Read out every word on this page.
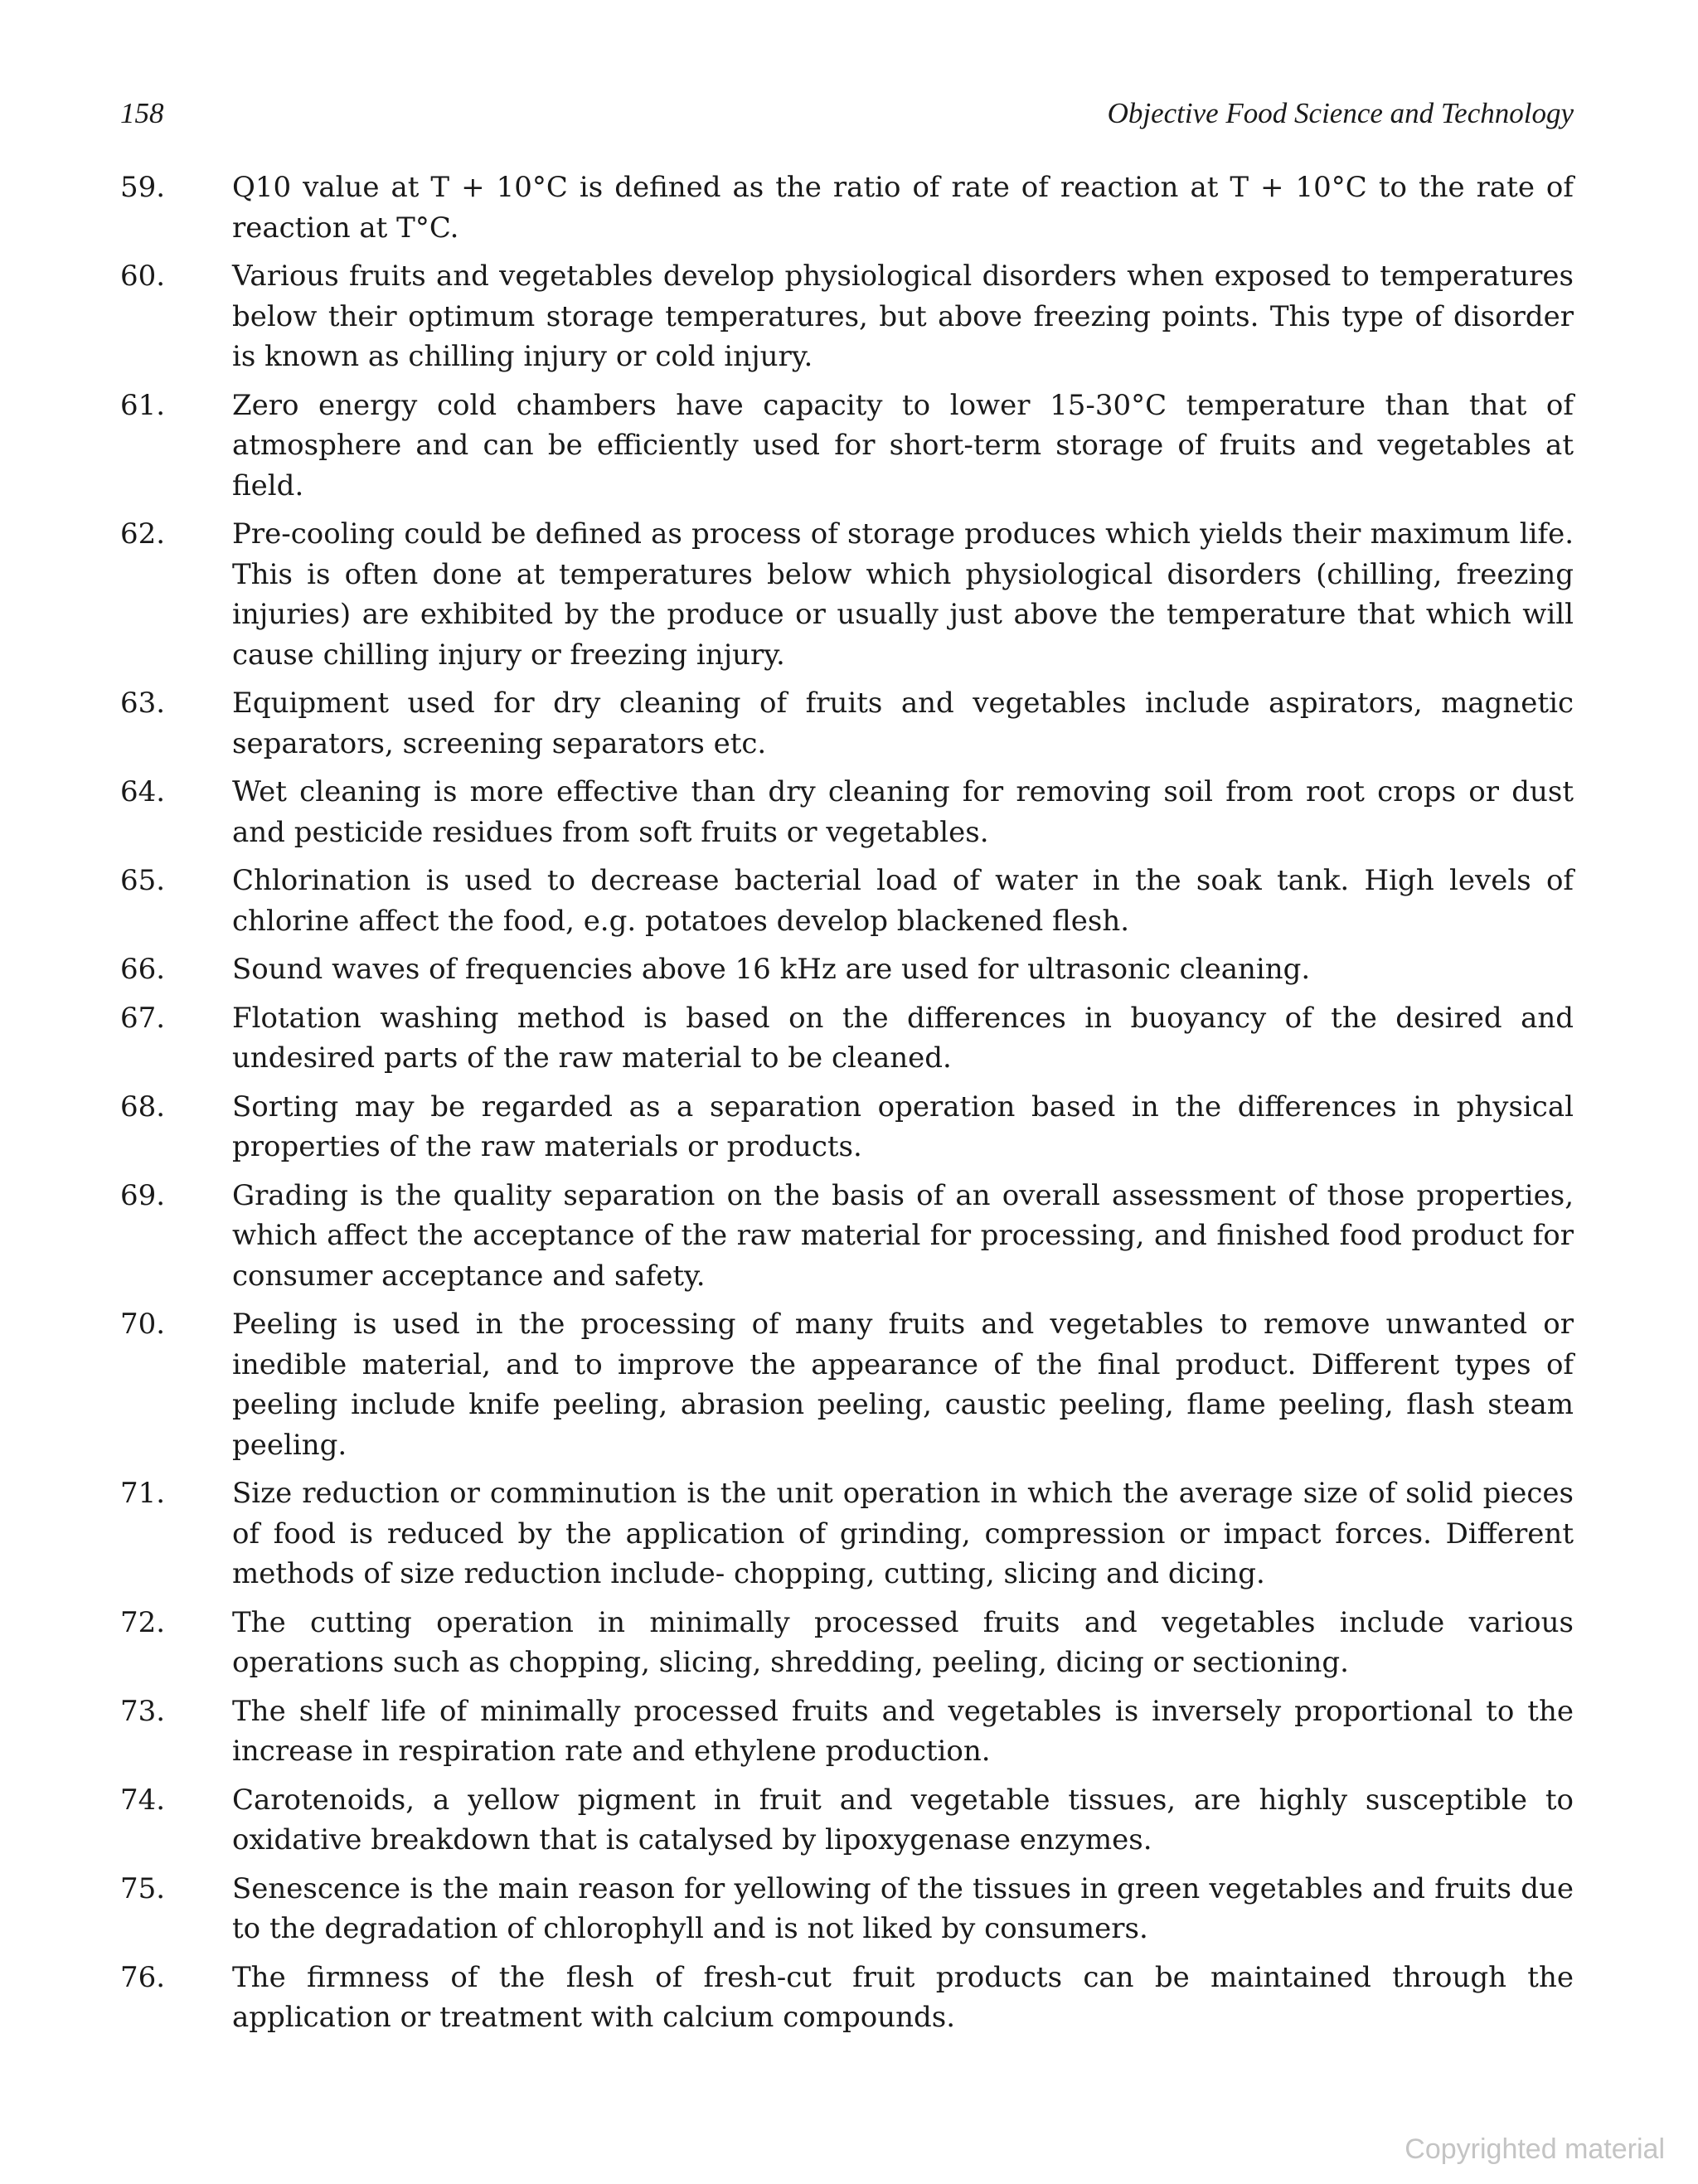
158	Objective Food Science and Technology
59.	Q10 value at T + 10°C is defined as the ratio of rate of reaction at T + 10°C to the rate of reaction at T°C.
60.	Various fruits and vegetables develop physiological disorders when exposed to temperatures below their optimum storage temperatures, but above freezing points. This type of disorder is known as chilling injury or cold injury.
61.	Zero energy cold chambers have capacity to lower 15-30°C temperature than that of atmosphere and can be efficiently used for short-term storage of fruits and vegetables at field.
62.	Pre-cooling could be defined as process of storage produces which yields their maximum life. This is often done at temperatures below which physiological disorders (chilling, freezing injuries) are exhibited by the produce or usually just above the temperature that which will cause chilling injury or freezing injury.
63.	Equipment used for dry cleaning of fruits and vegetables include aspirators, magnetic separators, screening separators etc.
64.	Wet cleaning is more effective than dry cleaning for removing soil from root crops or dust and pesticide residues from soft fruits or vegetables.
65.	Chlorination is used to decrease bacterial load of water in the soak tank. High levels of chlorine affect the food, e.g. potatoes develop blackened flesh.
66.	Sound waves of frequencies above 16 kHz are used for ultrasonic cleaning.
67.	Flotation washing method is based on the differences in buoyancy of the desired and undesired parts of the raw material to be cleaned.
68.	Sorting may be regarded as a separation operation based in the differences in physical properties of the raw materials or products.
69.	Grading is the quality separation on the basis of an overall assessment of those properties, which affect the acceptance of the raw material for processing, and finished food product for consumer acceptance and safety.
70.	Peeling is used in the processing of many fruits and vegetables to remove unwanted or inedible material, and to improve the appearance of the final product. Different types of peeling include knife peeling, abrasion peeling, caustic peeling, flame peeling, flash steam peeling.
71.	Size reduction or comminution is the unit operation in which the average size of solid pieces of food is reduced by the application of grinding, compression or impact forces. Different methods of size reduction include- chopping, cutting, slicing and dicing.
72.	The cutting operation in minimally processed fruits and vegetables include various operations such as chopping, slicing, shredding, peeling, dicing or sectioning.
73.	The shelf life of minimally processed fruits and vegetables is inversely proportional to the increase in respiration rate and ethylene production.
74.	Carotenoids, a yellow pigment in fruit and vegetable tissues, are highly susceptible to oxidative breakdown that is catalysed by lipoxygenase enzymes.
75.	Senescence is the main reason for yellowing of the tissues in green vegetables and fruits due to the degradation of chlorophyll and is not liked by consumers.
76.	The firmness of the flesh of fresh-cut fruit products can be maintained through the application or treatment with calcium compounds.
Copyrighted material
